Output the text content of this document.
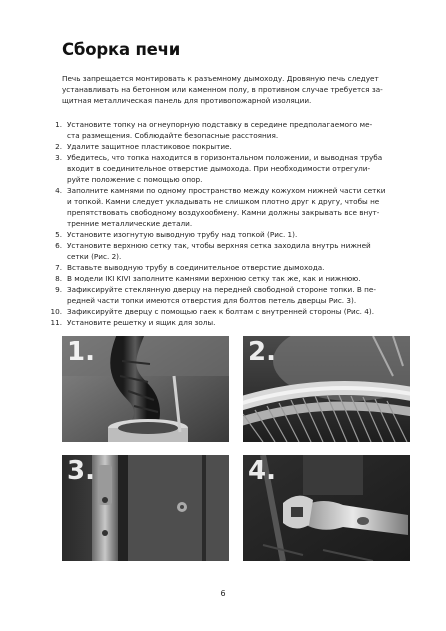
Сборка печи

Печь запрещается монтировать к разъемному дымоходу. Дровяную печь следует устанавливать на бетонном или каменном полу, в противном случае требуется за-щитная металлическая панель для противопожарной изоляции.

1. Установите топку на огнеупорную подставку в середине предполагаемого ме-
ста размещения. Соблюдайте безопасные расстояния.
2. Удалите защитное пластиковое покрытие.
3. Убедитесь, что топка находится в горизонтальном положении, и выводная труба
входит в соединительное отверстие дымохода. При необходимости отрегули-
руйте положение с помощью опор.
4. Заполните камнями по одному пространство между кожухом нижней части сетки
и топкой. Камни следует укладывать не слишком плотно друг к другу, чтобы не
препятствовать свободному воздухообмену. Камни должны закрывать все внут-
тренние металлические детали.
5. Установите изогнутую выводную трубу над топкой (Рис. 1).
6. Установите верхнюю сетку так, чтобы верхняя сетка заходила внутрь нижней
сетки (Рис. 2).
7. Вставьте выводную трубу в соединительное отверстие дымохода.
8. В модели IKI KIVI заполните камнями верхнюю сетку так же, как и нижнюю.
9. Зафиксируйте стеклянную дверцу на передней свободной стороне топки. В пе-
редней части топки имеются отверстия для болтов петель дверцы Рис. 3).
10. Зафиксируйте дверцу с помощью гаек к болтам с внутренней стороны (Рис. 4).
11. Установите решетку и ящик для золы.
1.	2.
3.	4.
6
